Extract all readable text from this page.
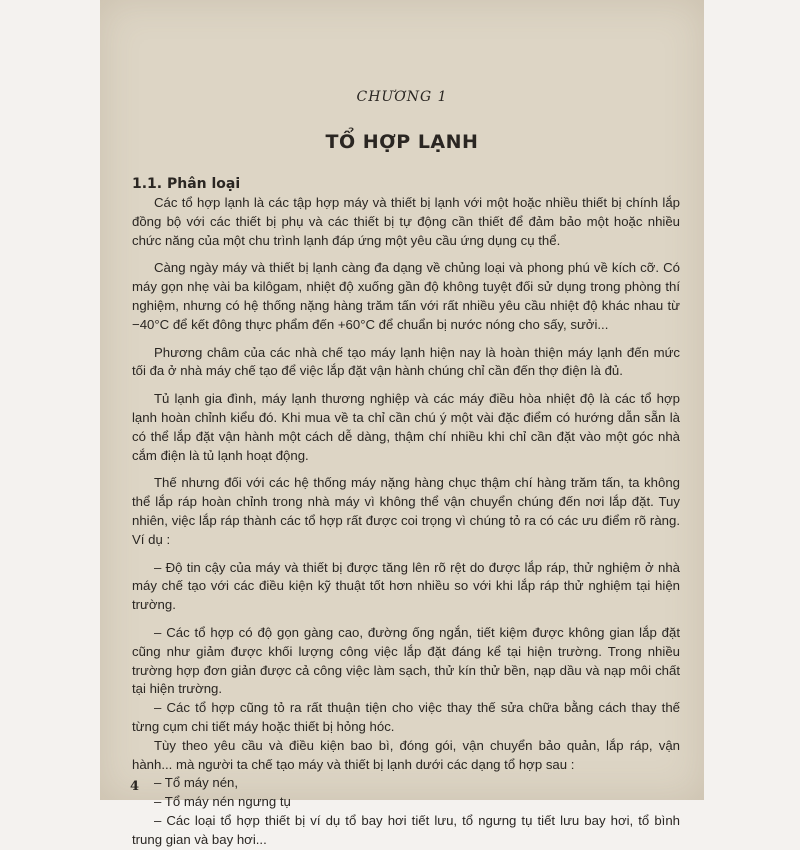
CHƯƠNG 1
TỔ HỢP LẠNH
1.1. Phân loại

Các tổ hợp lạnh là các tập hợp máy và thiết bị lạnh với một hoặc nhiều thiết bị chính lắp đồng bộ với các thiết bị phụ và các thiết bị tự động cần thiết để đảm bảo một hoặc nhiều chức năng của một chu trình lạnh đáp ứng một yêu cầu ứng dụng cụ thể.

Càng ngày máy và thiết bị lạnh càng đa dạng về chủng loại và phong phú về kích cỡ. Có máy gọn nhẹ vài ba kilôgam, nhiệt độ xuống gần độ không tuyệt đối sử dụng trong phòng thí nghiệm, nhưng có hệ thống nặng hàng trăm tấn với rất nhiều yêu cầu nhiệt độ khác nhau từ −40°C để kết đông thực phẩm đến +60°C để chuẩn bị nước nóng cho sấy, sưởi...

Phương châm của các nhà chế tạo máy lạnh hiện nay là hoàn thiện máy lạnh đến mức tối đa ở nhà máy chế tạo để việc lắp đặt vận hành chúng chỉ cần đến thợ điện là đủ.

Tủ lạnh gia đình, máy lạnh thương nghiệp và các máy điều hòa nhiệt độ là các tổ hợp lạnh hoàn chỉnh kiểu đó. Khi mua về ta chỉ cần chú ý một vài đặc điểm có hướng dẫn sẵn là có thể lắp đặt vận hành một cách dễ dàng, thậm chí nhiều khi chỉ cần đặt vào một góc nhà cắm điện là tủ lạnh hoạt động.

Thế nhưng đối với các hệ thống máy nặng hàng chục thậm chí hàng trăm tấn, ta không thể lắp ráp hoàn chỉnh trong nhà máy vì không thể vận chuyển chúng đến nơi lắp đặt. Tuy nhiên, việc lắp ráp thành các tổ hợp rất được coi trọng vì chúng tỏ ra có các ưu điểm rõ ràng. Ví dụ :

– Độ tin cậy của máy và thiết bị được tăng lên rõ rệt do được lắp ráp, thử nghiệm ở nhà máy chế tạo với các điều kiện kỹ thuật tốt hơn nhiều so với khi lắp ráp thử nghiệm tại hiện trường.

– Các tổ hợp có độ gọn gàng cao, đường ống ngắn, tiết kiệm được không gian lắp đặt cũng như giảm được khối lượng công việc lắp đặt đáng kể tại hiện trường. Trong nhiều trường hợp đơn giản được cả công việc làm sạch, thử kín thử bền, nạp dầu và nạp môi chất tại hiện trường.

– Các tổ hợp cũng tỏ ra rất thuận tiện cho việc thay thế sửa chữa bằng cách thay thế từng cụm chi tiết máy hoặc thiết bị hỏng hóc.

Tùy theo yêu cầu và điều kiện bao bì, đóng gói, vận chuyển bảo quản, lắp ráp, vận hành... mà người ta chế tạo máy và thiết bị lạnh dưới các dạng tổ hợp sau :

– Tổ máy nén,

– Tổ máy nén ngưng tụ

– Các loại tổ hợp thiết bị ví dụ tổ bay hơi tiết lưu, tổ ngưng tụ tiết lưu bay hơi, tổ bình trung gian và bay hơi...

4
